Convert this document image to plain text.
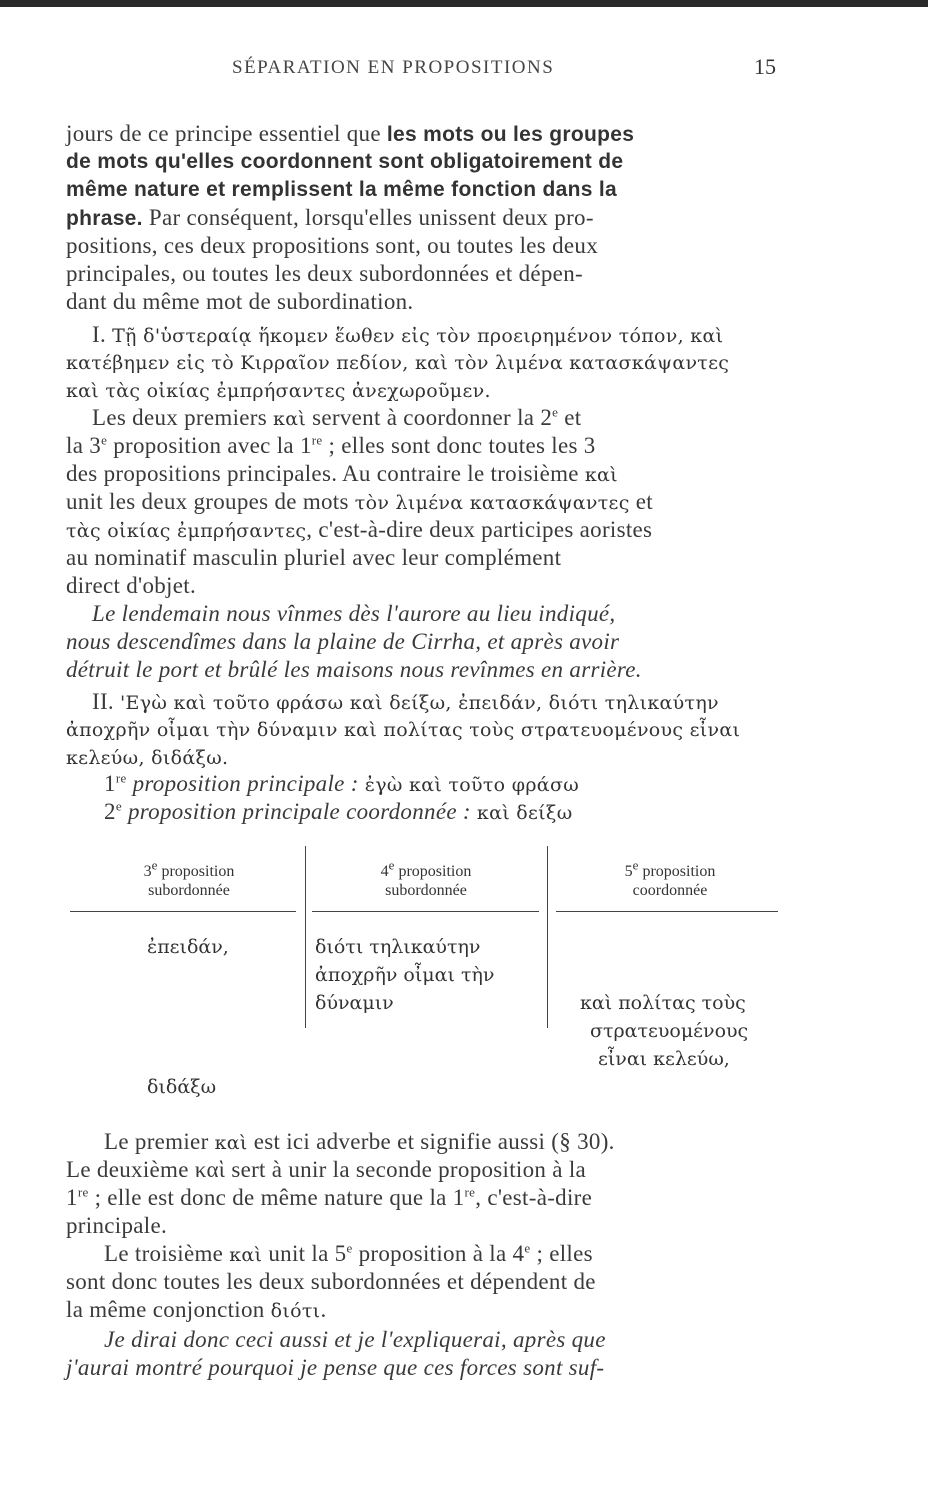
SÉPARATION EN PROPOSITIONS	15
jours de ce principe essentiel que les mots ou les groupes
de mots qu'elles coordonnent sont obligatoirement de
même nature et remplissent la même fonction dans la
phrase. Par conséquent, lorsqu'elles unissent deux pro-
positions, ces deux propositions sont, ou toutes les deux
principales, ou toutes les deux subordonnées et dépen-
dant du même mot de subordination.
I. Τῇ δ'ὑστεραίᾳ ἥκομεν ἕωθεν εἰς τὸν προειρημένον τόπον, καὶ
κατέβημεν εἰς τὸ Κιρραῖον πεδίον, καὶ τὸν λιμένα κατασκάψαντες
καὶ τὰς οἰκίας ἐμπρήσαντες ἀνεχωροῦμεν.
Les deux premiers καὶ servent à coordonner la 2e et
la 3e proposition avec la 1re ; elles sont donc toutes les 3
des propositions principales. Au contraire le troisième καὶ
unit les deux groupes de mots τὸν λιμένα κατασκάψαντες et
τὰς οἰκίας ἐμπρήσαντες, c'est-à-dire deux participes aoristes
au nominatif masculin pluriel avec leur complément
direct d'objet.
Le lendemain nous vînmes dès l'aurore au lieu indiqué,
nous descendîmes dans la plaine de Cirrha, et après avoir
détruit le port et brûlé les maisons nous revînmes en arrière.
II. 'Εγὼ καὶ τοῦτο φράσω καὶ δείξω, ἐπειδάν, διότι τηλικαύτην
ἀποχρῆν οἶμαι τὴν δύναμιν καὶ πολίτας τοὺς στρατευομένους εἶναι
κελεύω, διδάξω.
1re proposition principale : ἐγὼ καὶ τοῦτο φράσω
2e proposition principale coordonnée : καὶ δείξω
3e proposition
subordonnée
4e proposition
subordonnée
5e proposition
coordonnée
ἐπειδάν,
διδάξω
διότι τηλικαύτην
ἀποχρῆν οἶμαι τὴν
δύναμιν	καὶ πολίτας τοὺς
στρατευομένους
εἶναι κελεύω,
Le premier καὶ est ici adverbe et signifie aussi (§ 30).
Le deuxième καὶ sert à unir la seconde proposition à la
1re ; elle est donc de même nature que la 1re, c'est-à-dire
principale.
Le troisième καὶ unit la 5e proposition à la 4e ; elles
sont donc toutes les deux subordonnées et dépendent de
la même conjonction διότι.
Je dirai donc ceci aussi et je l'expliquerai, après que
j'aurai montré pourquoi je pense que ces forces sont suf-
